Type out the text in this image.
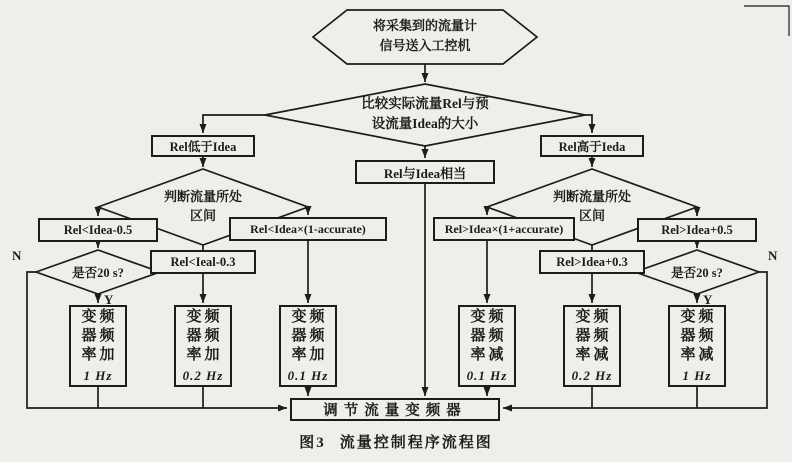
将采集到的流量计
信号送入工控机
比较实际流量Rel与预
设流量Idea的大小
判断流量所处
区间
判断流量所处
区间
是否20 s?	是否20 s?
N
Y
N
Y
Rel低于Idea
Rel与Idea相当
Rel高于Ieda
Rel<Idea-0.5
Rel<Ieal-0.3
Rel<Idea×(1-accurate)	Rel>Idea×(1+accurate)
Rel>Idea+0.3
Rel>Idea+0.5
变频
器频
率加
1 Hz
变频
器频
率加
0.2 Hz
变频
器频
率加
0.1 Hz
变频
器频
率减
0.1 Hz
变频
器频
率减
0.2 Hz
变频
器频
率减
1 Hz
调节流量变频器
图3 流量控制程序流程图
